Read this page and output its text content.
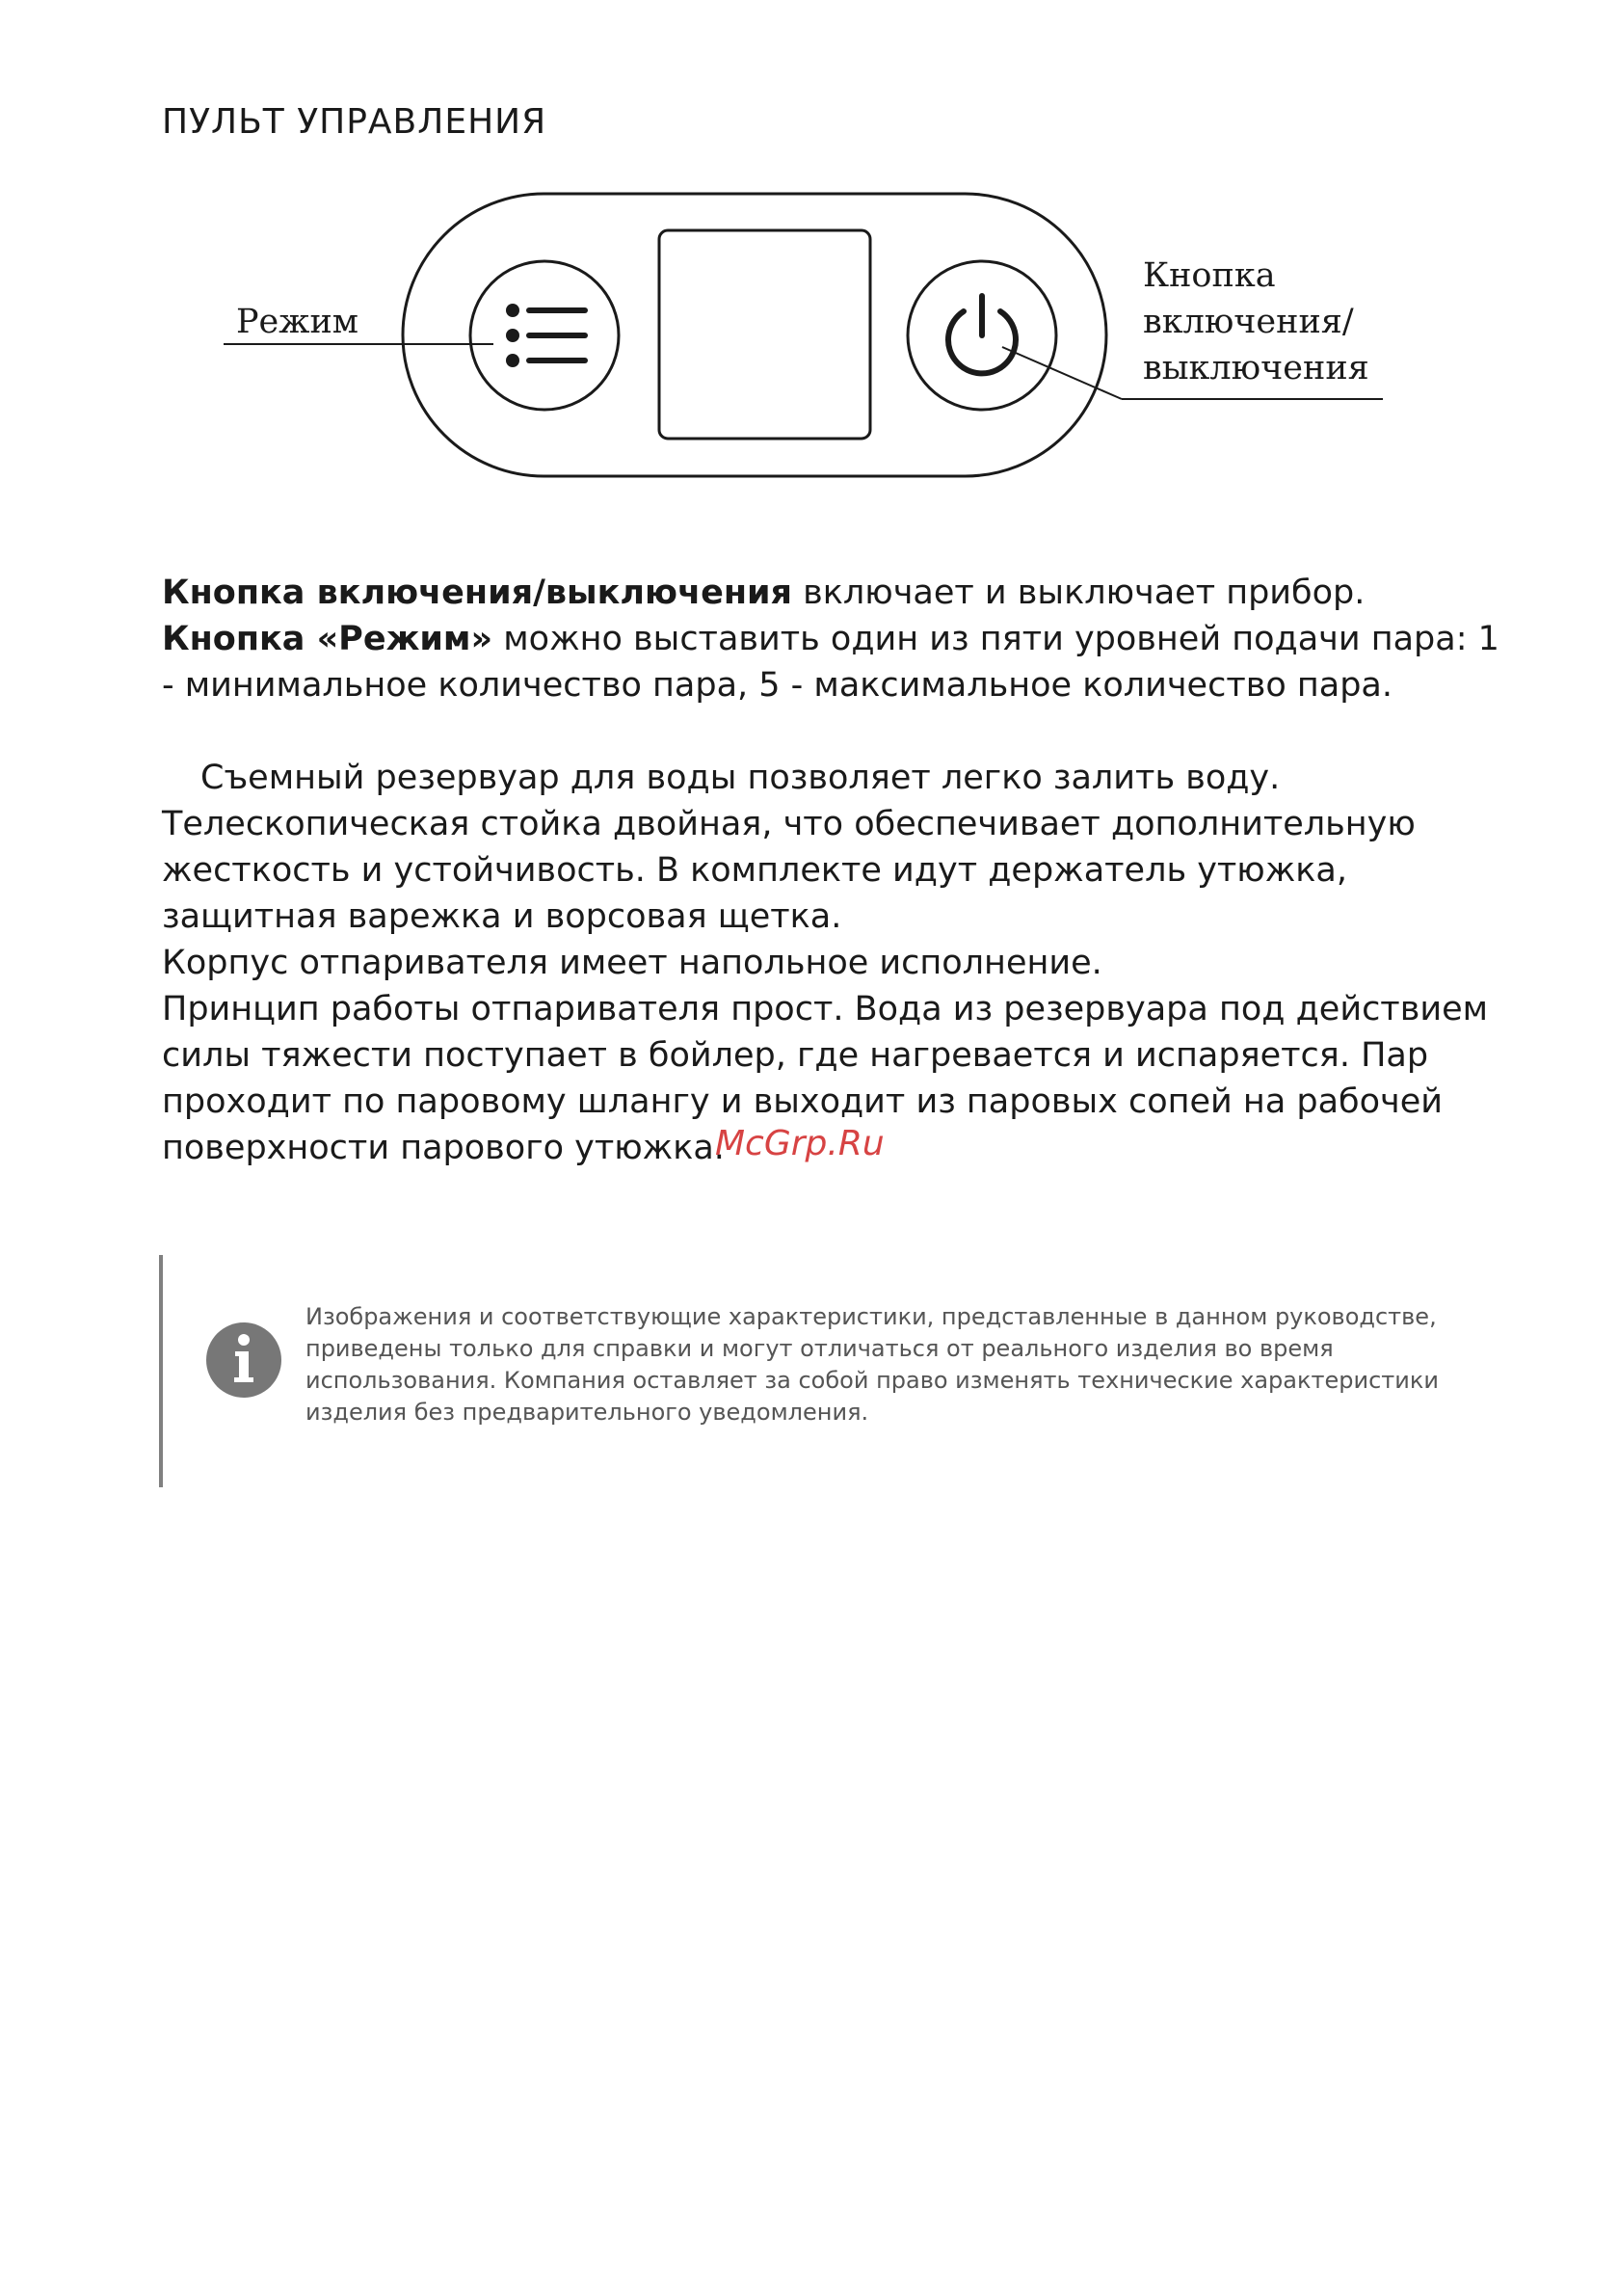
ПУЛЬТ УПРАВЛЕНИЯ
Режим
Кнопка
включения/
выключения

Кнопка включения/выключения включает и выключает прибор.

Кнопка «Режим» можно выставить один из пяти уровней подачи пара: 1 - минимальное количество пара, 5 - максимальное количество пара.

Съемный резервуар для воды позволяет легко залить воду. Телескопическая стойка двойная, что обеспечивает дополнительную жесткость и устойчивость. В комплекте идут держатель утюжка, защитная варежка и ворсовая щетка.

Корпус отпаривателя имеет напольное исполнение.

Принцип работы отпаривателя прост. Вода из резервуара под действием силы тяжести поступает в бойлер, где нагревается и испаряется. Пар проходит по паровому шлангу и выходит из паровых сопей на рабочей поверхности парового утюжка.

McGrp.Ru

Изображения и соответствующие характеристики, представленные в данном руководстве, приведены только для справки и могут отличаться от реального изделия во время использования. Компания оставляет за собой право изменять технические характеристики изделия без предварительного уведомления.
